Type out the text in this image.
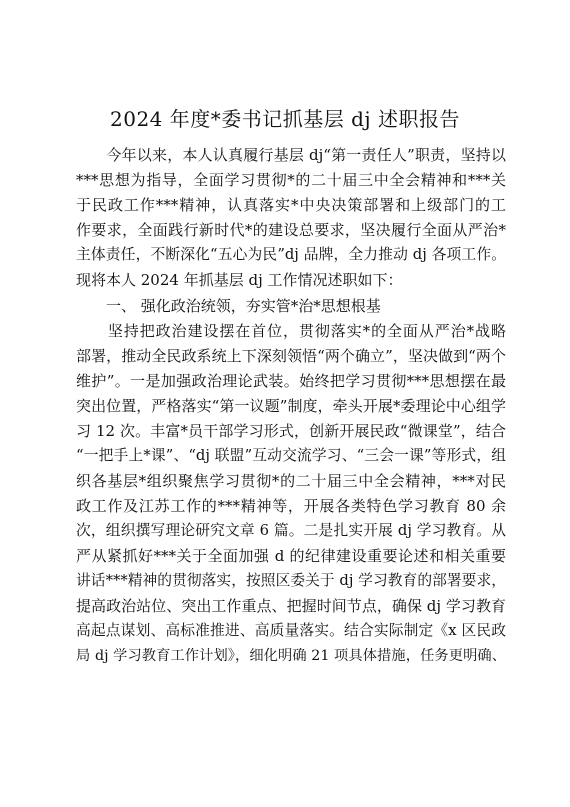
2024 年度*委书记抓基层 dj 述职报告
　　今年以来，本人认真履行基层 dj“第一责任人”职责，坚持以
***思想为指导，全面学习贯彻*的二十届三中全会精神和***关
于民政工作***精神，认真落实*中央决策部署和上级部门的工
作要求，全面践行新时代*的建设总要求，坚决履行全面从严治*
主体责任，不断深化“五心为民”dj 品牌，全力推动 dj 各项工作。
现将本人 2024 年抓基层 dj 工作情况述职如下：
　　一、 强化政治统领，夯实管*治*思想根基
　　坚持把政治建设摆在首位，贯彻落实*的全面从严治*战略
部署，推动全民政系统上下深刻领悟“两个确立”，坚决做到“两个
维护”。一是加强政治理论武装。始终把学习贯彻***思想摆在最
突出位置，严格落实“第一议题”制度，牵头开展*委理论中心组学
习 12 次。丰富*员干部学习形式，创新开展民政“微课堂”，结合
“一把手上*课”、“dj 联盟”互动交流学习、“三会一课”等形式，组
织各基层*组织聚焦学习贯彻*的二十届三中全会精神，***对民
政工作及江苏工作的***精神等，开展各类特色学习教育 80 余
次，组织撰写理论研究文章 6 篇。二是扎实开展 dj 学习教育。从
严从紧抓好***关于全面加强 d 的纪律建设重要论述和相关重要
讲话***精神的贯彻落实，按照区委关于 dj 学习教育的部署要求，
提高政治站位、突出工作重点、把握时间节点，确保 dj 学习教育
高起点谋划、高标准推进、高质量落实。结合实际制定《x 区民政
局 dj 学习教育工作计划》，细化明确 21 项具体措施，任务更明确、
